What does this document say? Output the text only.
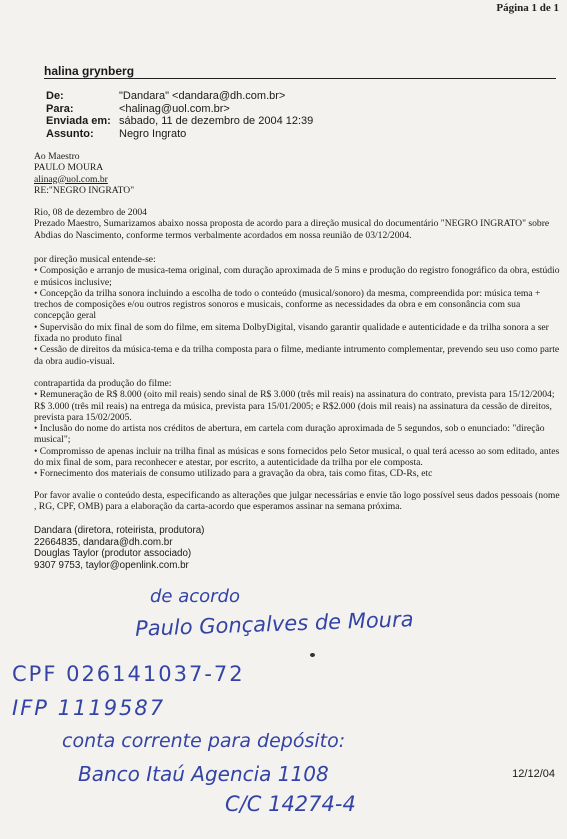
Página 1 de 1
halina grynberg
De:	"Dandara" <dandara@dh.com.br>
Para:	<halinag@uol.com.br>
Enviada em: sábado, 11 de dezembro de 2004 12:39
Assunto:	Negro Ingrato

Ao Maestro

PAULO MOURA

alinag@uol.com.br

RE:"NEGRO INGRATO"

Rio, 08 de dezembro de 2004

Prezado Maestro, Sumarizamos abaixo nossa proposta de acordo para a direção musical do documentário "NEGRO INGRATO" sobre Abdias do Nascimento, conforme termos verbalmente acordados em nossa reunião de 03/12/2004.

por direção musical entende-se:

• Composição e arranjo de musica-tema original, com duração aproximada de 5 mins e produção do registro fonográfico da obra, estúdio e músicos inclusive;

• Concepção da trilha sonora incluindo a escolha de todo o conteúdo (musical/sonoro) da mesma, compreendida por: música tema + trechos de composições e/ou outros registros sonoros e musicais, conforme as necessidades da obra e em consonância com sua concepção geral

• Supervisão do mix final de som do filme, em sitema DolbyDigital, visando garantir qualidade e autenticidade e da trilha sonora a ser fixada no produto final

• Cessão de direitos da música-tema e da trilha composta para o filme, mediante intrumento complementar, prevendo seu uso como parte da obra audio-visual.

contrapartida da produção do filme:

• Remuneração de R$ 8.000 (oito mil reais) sendo sinal de R$ 3.000 (três mil reais) na assinatura do contrato, prevista para 15/12/2004; R$ 3.000 (três mil reais) na entrega da música, prevista para 15/01/2005; e R$2.000 (dois mil reais) na assinatura da cessão de direitos, prevista para 15/02/2005.

• Inclusão do nome do artista nos créditos de abertura, em cartela com duração aproximada de 5 segundos, sob o enunciado: "direção musical";

• Compromisso de apenas incluir na trilha final as músicas e sons fornecidos pelo Setor musical, o qual terá acesso ao som editado, antes do mix final de som, para reconhecer e atestar, por escrito, a autenticidade da trilha por ele composta.

• Fornecimento dos materiais de consumo utilizado para a gravação da obra, tais como fitas, CD-Rs, etc

Por favor avalie o conteúdo desta, especificando as alterações que julgar necessárias e envie tão logo possível seus dados pessoais (nome , RG, CPF, OMB) para a elaboração da carta-acordo que esperamos assinar na semana próxima.

Dandara (diretora, roteirista, produtora)

22664835, dandara@dh.com.br

Douglas Taylor (produtor associado)

9307 9753, taylor@openlink.com.br

de acordo
Paulo Gonçalves de Moura
CPF 026141037-72
IFP 1119587
conta corrente para depósito:
Banco Itaú Agencia 1108
C/C 14274-4
12/12/04
